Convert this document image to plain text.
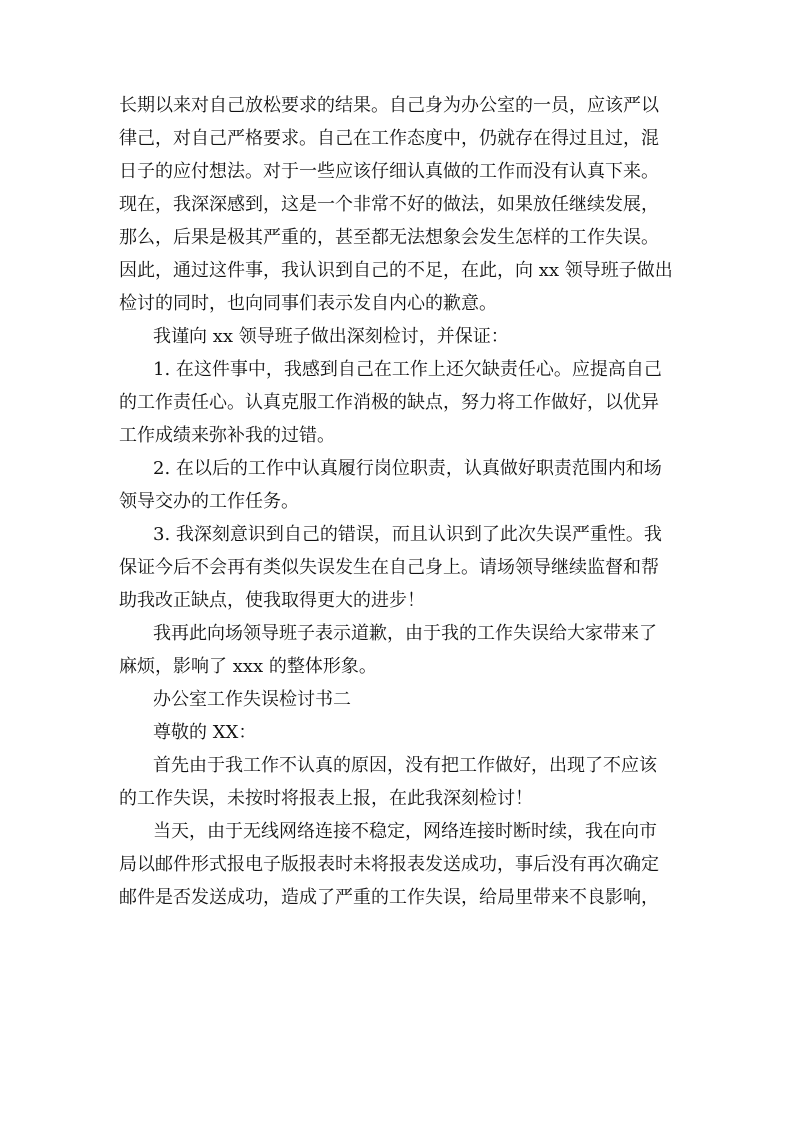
长期以来对自己放松要求的结果。自己身为办公室的一员，应该严以
律己，对自己严格要求。自己在工作态度中，仍就存在得过且过，混
日子的应付想法。对于一些应该仔细认真做的工作而没有认真下来。
现在，我深深感到，这是一个非常不好的做法，如果放任继续发展，
那么，后果是极其严重的，甚至都无法想象会发生怎样的工作失误。
因此，通过这件事，我认识到自己的不足，在此，向 xx 领导班子做出
检讨的同时，也向同事们表示发自内心的歉意。
我谨向 xx 领导班子做出深刻检讨，并保证：
1. 在这件事中，我感到自己在工作上还欠缺责任心。应提高自己
的工作责任心。认真克服工作消极的缺点，努力将工作做好，以优异
工作成绩来弥补我的过错。
2. 在以后的工作中认真履行岗位职责，认真做好职责范围内和场
领导交办的工作任务。
3. 我深刻意识到自己的错误，而且认识到了此次失误严重性。我
保证今后不会再有类似失误发生在自己身上。请场领导继续监督和帮
助我改正缺点，使我取得更大的进步！
我再此向场领导班子表示道歉，由于我的工作失误给大家带来了
麻烦，影响了 xxx 的整体形象。
办公室工作失误检讨书二
尊敬的 XX：
首先由于我工作不认真的原因，没有把工作做好，出现了不应该
的工作失误，未按时将报表上报，在此我深刻检讨！
当天，由于无线网络连接不稳定，网络连接时断时续，我在向市
局以邮件形式报电子版报表时未将报表发送成功，事后没有再次确定
邮件是否发送成功，造成了严重的工作失误，给局里带来不良影响，
